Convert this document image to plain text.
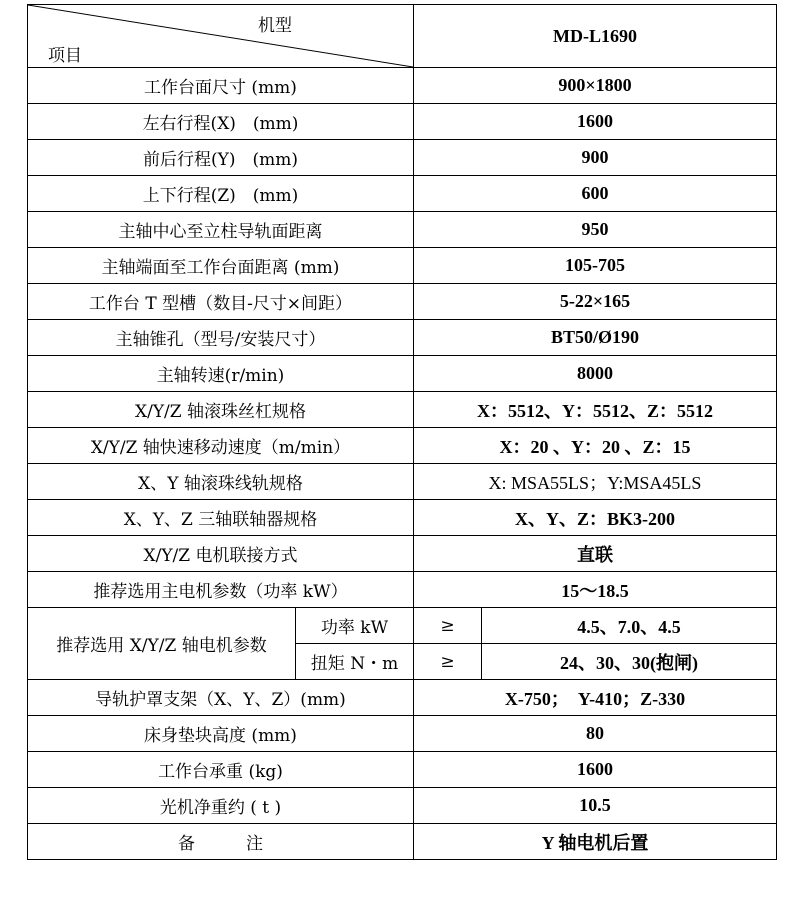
机型
项目		MD-L1690	
工作台面尺寸 (mm)		900×1800	
左右行程(X)　(mm)		1600	
前后行程(Y)　(mm)		900	
上下行程(Z)　(mm)		600	
主轴中心至立柱导轨面距离		950	
主轴端面至工作台面距离 (mm)		105-705	
工作台 T 型槽（数目-尺寸×间距）		5-22×165	
主轴锥孔（型号/安装尺寸）		BT50/Ø190	
主轴转速(r/min)		8000	
X/Y/Z 轴滚珠丝杠规格		X：5512、Y：5512、Z：5512	
X/Y/Z 轴快速移动速度（m/min）		X：20 、Y：20 、Z：15	
X、Y 轴滚珠线轨规格		X: MSA55LS；Y:MSA45LS	
X、Y、Z 三轴联轴器规格		X、Y、Z：BK3-200	
X/Y/Z 电机联接方式		直联	
推荐选用主电机参数（功率 kW）		15～18.5	
推荐选用 X/Y/Z 轴电机参数	功率 kW	≥	4.5、7.0、4.5
	扭矩 N・m	≥	24、30、30(抱闸)
导轨护罩支架（X、Y、Z）(mm)		X-750；　Y-410；Z-330	
床身垫块高度 (mm)		80	
工作台承重 (kg)		1600	
光机净重约 ( t )		10.5	
备　　　注		Y 轴电机后置	
